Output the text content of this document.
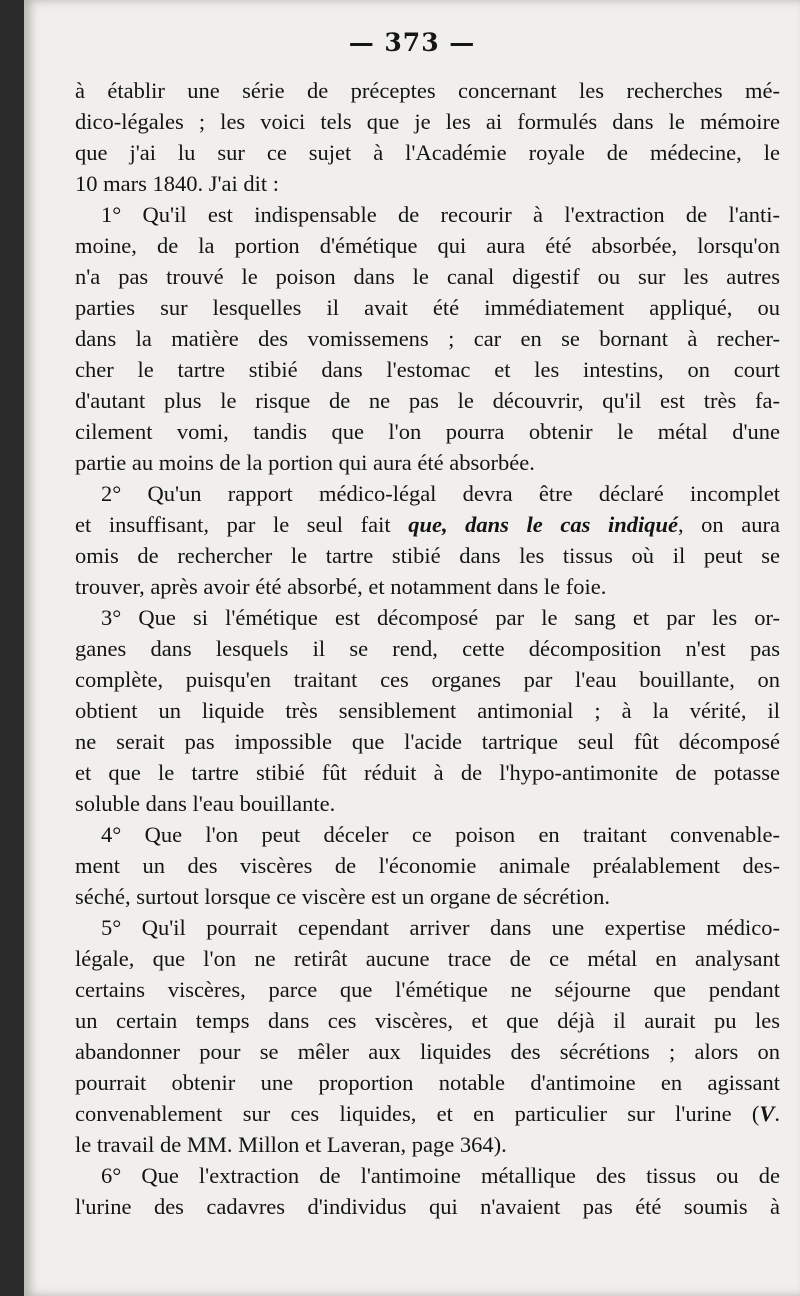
— 373 —
à établir une série de préceptes concernant les recherches mé-
dico-légales ; les voici tels que je les ai formulés dans le mémoire
que j'ai lu sur ce sujet à l'Académie royale de médecine, le
10 mars 1840. J'ai dit :
1° Qu'il est indispensable de recourir à l'extraction de l'anti-
moine, de la portion d'émétique qui aura été absorbée, lorsqu'on
n'a pas trouvé le poison dans le canal digestif ou sur les autres
parties sur lesquelles il avait été immédiatement appliqué, ou
dans la matière des vomissemens ; car en se bornant à recher-
cher le tartre stibié dans l'estomac et les intestins, on court
d'autant plus le risque de ne pas le découvrir, qu'il est très fa-
cilement vomi, tandis que l'on pourra obtenir le métal d'une
partie au moins de la portion qui aura été absorbée.
2° Qu'un rapport médico-légal devra être déclaré incomplet
et insuffisant, par le seul fait que, dans le cas indiqué, on aura
omis de rechercher le tartre stibié dans les tissus où il peut se
trouver, après avoir été absorbé, et notamment dans le foie.
3° Que si l'émétique est décomposé par le sang et par les or-
ganes dans lesquels il se rend, cette décomposition n'est pas
complète, puisqu'en traitant ces organes par l'eau bouillante, on
obtient un liquide très sensiblement antimonial ; à la vérité, il
ne serait pas impossible que l'acide tartrique seul fût décomposé
et que le tartre stibié fût réduit à de l'hypo-antimonite de potasse
soluble dans l'eau bouillante.
4° Que l'on peut déceler ce poison en traitant convenable-
ment un des viscères de l'économie animale préalablement des-
séché, surtout lorsque ce viscère est un organe de sécrétion.
5° Qu'il pourrait cependant arriver dans une expertise médico-
légale, que l'on ne retirât aucune trace de ce métal en analysant
certains viscères, parce que l'émétique ne séjourne que pendant
un certain temps dans ces viscères, et que déjà il aurait pu les
abandonner pour se mêler aux liquides des sécrétions ; alors on
pourrait obtenir une proportion notable d'antimoine en agissant
convenablement sur ces liquides, et en particulier sur l'urine (V.
le travail de MM. Millon et Laveran, page 364).
6° Que l'extraction de l'antimoine métallique des tissus ou de
l'urine des cadavres d'individus qui n'avaient pas été soumis à
